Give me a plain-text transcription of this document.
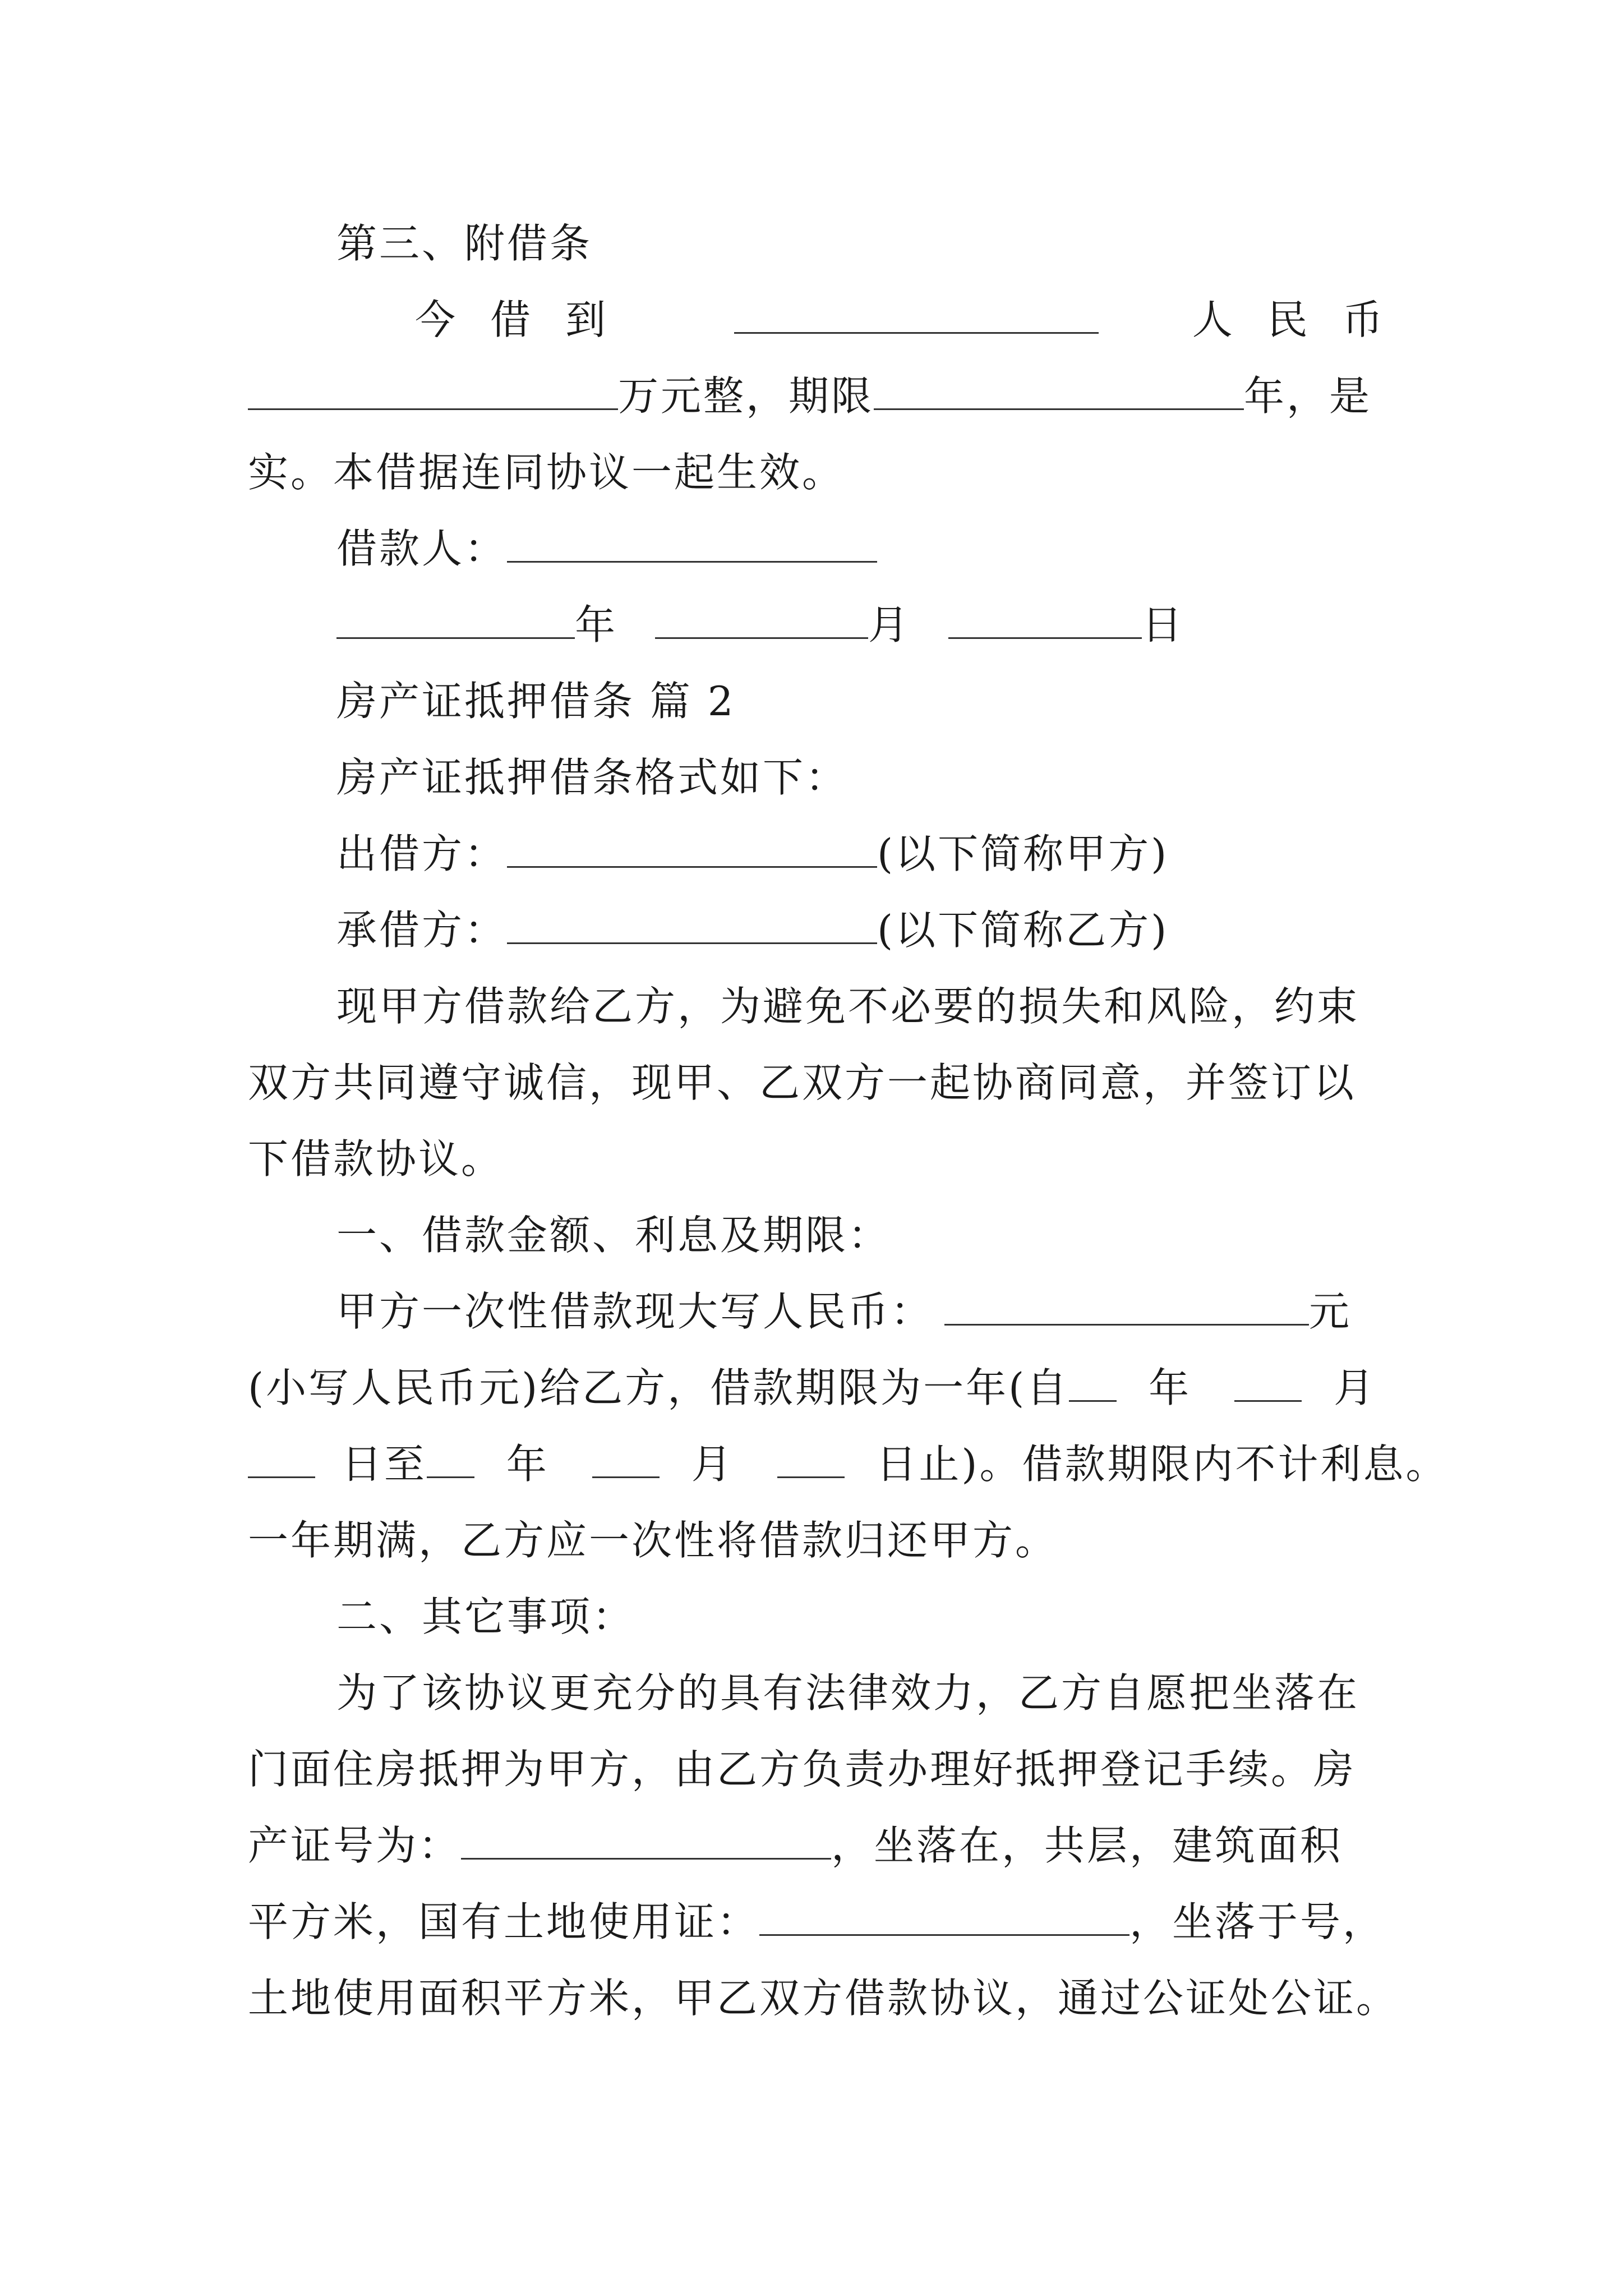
第三、附借条
今借到	人民币
万元整，期限	年，是
实。本借据连同协议一起生效。
借款人：
年	月	日
房产证抵押借条 篇 2
房产证抵押借条格式如下：
出借方：	(以下简称甲方)
承借方：	(以下简称乙方)
现甲方借款给乙方，为避免不必要的损失和风险，约束
双方共同遵守诚信，现甲、乙双方一起协商同意，并签订以
下借款协议。
一、借款金额、利息及期限：
甲方一次性借款现大写人民币：	元
(小写人民币元)给乙方，借款期限为一年(自 年	月
日至 年	月	日止)。借款期限内不计利息。
一年期满，乙方应一次性将借款归还甲方。
二、其它事项：
为了该协议更充分的具有法律效力，乙方自愿把坐落在
门面住房抵押为甲方，由乙方负责办理好抵押登记手续。房
产证号为：	，坐落在，共层，建筑面积
平方米，国有土地使用证：	，坐落于号，
土地使用面积平方米，甲乙双方借款协议，通过公证处公证。
